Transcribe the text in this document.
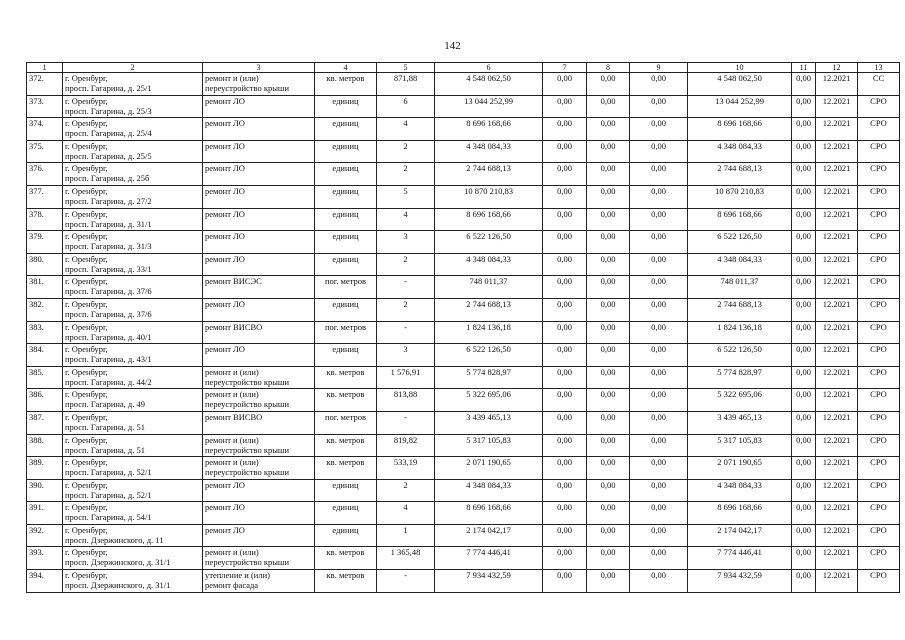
142
1	2	3	4	5	6	7	8	9	10	11	12	13

372.	г. Оренбург,
просп. Гагарина, д. 25/1	ремонт и (или)
переустройство крыши	кв. метров	871,88	4 548 062,50	0,00	0,00	0,00	4 548 062,50	0,00	12.2021	СС

373.	г. Оренбург,
просп. Гагарина, д. 25/3	ремонт ЛО	единиц	6	13 044 252,99	0,00	0,00	0,00	13 044 252,99	0,00	12.2021	СРО

374.	г. Оренбург,
просп. Гагарина, д. 25/4	ремонт ЛО	единиц	4	8 696 168,66	0,00	0,00	0,00	8 696 168,66	0,00	12.2021	СРО

375.	г. Оренбург,
просп. Гагарина, д. 25/5	ремонт ЛО	единиц	2	4 348 084,33	0,00	0,00	0,00	4 348 084,33	0,00	12.2021	СРО

376.	г. Оренбург,
просп. Гагарина, д. 25б	ремонт ЛО	единиц	2	2 744 688,13	0,00	0,00	0,00	2 744 688,13	0,00	12.2021	СРО

377.	г. Оренбург,
просп. Гагарина, д. 27/2	ремонт ЛО	единиц	5	10 870 210,83	0,00	0,00	0,00	10 870 210,83	0,00	12.2021	СРО

378.	г. Оренбург,
просп. Гагарина, д. 31/1	ремонт ЛО	единиц	4	8 696 168,66	0,00	0,00	0,00	8 696 168,66	0,00	12.2021	СРО

379.	г. Оренбург,
просп. Гагарина, д. 31/3	ремонт ЛО	единиц	3	6 522 126,50	0,00	0,00	0,00	6 522 126,50	0,00	12.2021	СРО

380.	г. Оренбург,
просп. Гагарина, д. 33/1	ремонт ЛО	единиц	2	4 348 084,33	0,00	0,00	0,00	4 348 084,33	0,00	12.2021	СРО

381.	г. Оренбург,
просп. Гагарина, д. 37/6	ремонт ВИСЭС	пог. метров	-	748 011,37	0,00	0,00	0,00	748 011,37	0,00	12.2021	СРО

382.	г. Оренбург,
просп. Гагарина, д. 37/6	ремонт ЛО	единиц	2	2 744 688,13	0,00	0,00	0,00	2 744 688,13	0,00	12.2021	СРО

383.	г. Оренбург,
просп. Гагарина, д. 40/1	ремонт ВИСВО	пог. метров	-	1 824 136,18	0,00	0,00	0,00	1 824 136,18	0,00	12.2021	СРО

384.	г. Оренбург,
просп. Гагарина, д. 43/1	ремонт ЛО	единиц	3	6 522 126,50	0,00	0,00	0,00	6 522 126,50	0,00	12.2021	СРО

385.	г. Оренбург,
просп. Гагарина, д. 44/2	ремонт и (или)
переустройство крыши	кв. метров	1 576,91	5 774 828,97	0,00	0,00	0,00	5 774 828,97	0,00	12.2021	СРО

386.	г. Оренбург,
просп. Гагарина, д. 49	ремонт и (или)
переустройство крыши	кв. метров	813,88	5 322 695,06	0,00	0,00	0,00	5 322 695,06	0,00	12.2021	СРО

387.	г. Оренбург,
просп. Гагарина, д. 51	ремонт ВИСВО	пог. метров	-	3 439 465,13	0,00	0,00	0,00	3 439 465,13	0,00	12.2021	СРО

388.	г. Оренбург,
просп. Гагарина, д. 51	ремонт и (или)
переустройство крыши	кв. метров	819,82	5 317 105,83	0,00	0,00	0,00	5 317 105,83	0,00	12.2021	СРО

389.	г. Оренбург,
просп. Гагарина, д. 52/1	ремонт и (или)
переустройство крыши	кв. метров	533,19	2 071 190,65	0,00	0,00	0,00	2 071 190,65	0,00	12.2021	СРО

390.	г. Оренбург,
просп. Гагарина, д. 52/1	ремонт ЛО	единиц	2	4 348 084,33	0,00	0,00	0,00	4 348 084,33	0,00	12.2021	СРО

391.	г. Оренбург,
просп. Гагарина, д. 54/1	ремонт ЛО	единиц	4	8 696 168,66	0,00	0,00	0,00	8 696 168,66	0,00	12.2021	СРО

392.	г. Оренбург,
просп. Дзержинского, д. 11	ремонт ЛО	единиц	1	2 174 042,17	0,00	0,00	0,00	2 174 042,17	0,00	12.2021	СРО

393.	г. Оренбург,
просп. Дзержинского, д. 31/1	ремонт и (или)
переустройство крыши	кв. метров	1 365,48	7 774 446,41	0,00	0,00	0,00	7 774 446,41	0,00	12.2021	СРО

394.	г. Оренбург,
просп. Дзержинского, д. 31/1	утепление и (или)
ремонт фасада	кв. метров	-	7 934 432,59	0,00	0,00	0,00	7 934 432,59	0,00	12.2021	СРО
